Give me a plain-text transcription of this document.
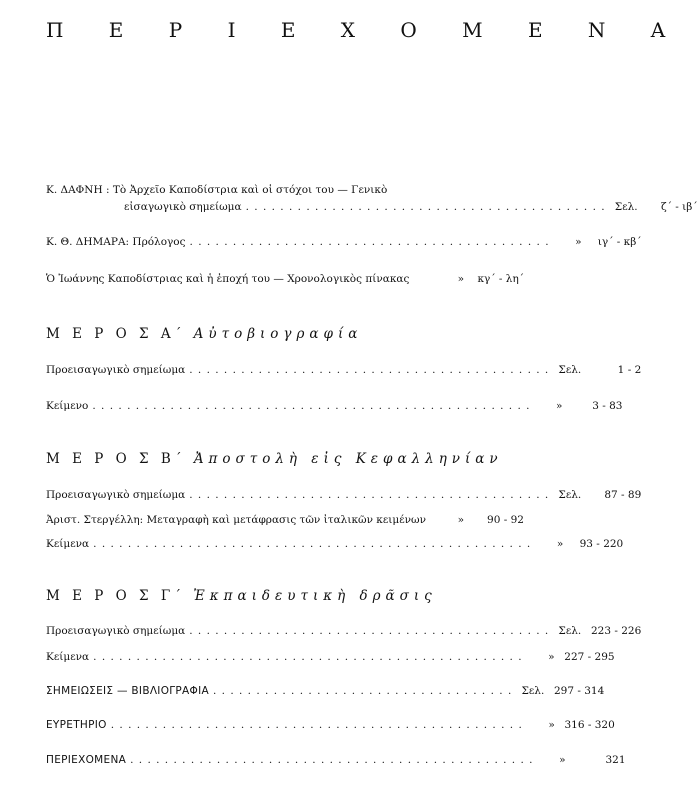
Π Ε Ρ Ι Ε Χ Ο Μ Ε Ν Α
Κ. ΔΑΦΝΗ : Τὸ Ἀρχεῖο Καποδίστρια καὶ οἱ στόχοι του — Γενικὸ
εἰσαγωγικὸ σημείωμα . . . . . . . . . . . . . . . . . . . . . . . . . . . . . . . . . . . . . . . . . . Σελ. ζ΄ - ιβ΄
Κ. Θ. ΔΗΜΑΡΑ: Πρόλογος . . . . . . . . . . . . . . . . . . . . . . . . . . . . . . . . . . . . . . . . . .	» ιγ΄ - κβ΄
Ὁ Ἰωάννης Καποδίστριας καὶ ἡ ἐποχή του — Χρονολογικὸς πίνακας	» κγ΄ - λη΄
Μ Ε Ρ Ο Σ Α΄ Αὐτοβιογραφία
Προεισαγωγικὸ σημείωμα . . . . . . . . . . . . . . . . . . . . . . . . . . . . . . . . . . . . . . . . . . Σελ.	1 - 2
Κείμενο . . . . . . . . . . . . . . . . . . . . . . . . . . . . . . . . . . . . . . . . . . . . . . . . . . .	»	3 - 83
Μ Ε Ρ Ο Σ Β΄ Ἀποστολὴ εἰς Κεφαλληνίαν
Προεισαγωγικὸ σημείωμα . . . . . . . . . . . . . . . . . . . . . . . . . . . . . . . . . . . . . . . . . . Σελ. 87 - 89
Ἀριστ. Στεργέλλη: Μεταγραφὴ καὶ μετάφρασις τῶν ἰταλικῶν κειμένων	» 90 - 92
Κείμενα . . . . . . . . . . . . . . . . . . . . . . . . . . . . . . . . . . . . . . . . . . . . . . . . . . .	» 93 - 220
Μ Ε Ρ Ο Σ Γ΄ Ἐκπαιδευτικὴ δρᾶσις
Προεισαγωγικὸ σημείωμα . . . . . . . . . . . . . . . . . . . . . . . . . . . . . . . . . . . . . . . . . . Σελ. 223 - 226
Κείμενα . . . . . . . . . . . . . . . . . . . . . . . . . . . . . . . . . . . . . . . . . . . . . . . . . .	» 227 - 295
ΣΗΜΕΙΩΣΕΙΣ — ΒΙΒΛΙΟΓΡΑΦΙΑ . . . . . . . . . . . . . . . . . . . . . . . . . . . . . . . . . . . Σελ. 297 - 314
ΕΥΡΕΤΗΡΙΟ . . . . . . . . . . . . . . . . . . . . . . . . . . . . . . . . . . . . . . . . . . . . . . . .	» 316 - 320
ΠΕΡΙΕΧΟΜΕΝΑ . . . . . . . . . . . . . . . . . . . . . . . . . . . . . . . . . . . . . . . . . . . . . . .	»	321
